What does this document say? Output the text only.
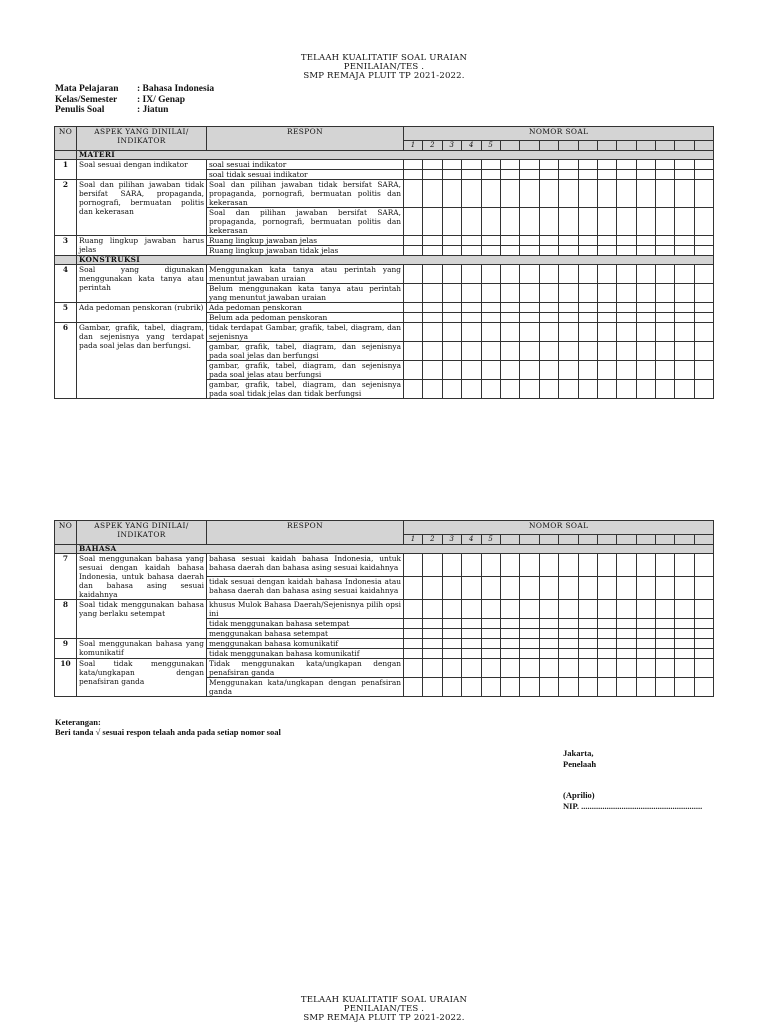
TELAAH KUALITATIF SOAL URAIAN
PENILAIAN/TES .
SMP REMAJA PLUIT TP 2021-2022.
Mata Pelajaran	: Bahasa Indonesia
Kelas/Semester	: IX/ Genap
Penulis Soal	: Jiatun
NO	ASPEK YANG DINILAI/ INDIKATOR	RESPON	NOMOR SOAL															
			1	2	3	4	5											
	MATERI																	
1	Soal sesuai dengan indikator	soal sesuai indikator																
		soal tidak sesuai indikator																
2	Soal dan pilihan jawaban tidak bersifat SARA, propaganda, pornografi, bermuatan politis dan kekerasan	Soal dan pilihan jawaban tidak bersifat SARA, propaganda, pornografi, bermuatan politis dan kekerasan																
		Soal dan pilihan jawaban bersifat SARA, propaganda, pornografi, bermuatan politis dan kekerasan																
3	Ruang lingkup jawaban harus jelas	Ruang lingkup jawaban jelas																
		Ruang lingkup jawaban tidak jelas																
	KONSTRUKSI																	
4	Soal yang digunakan menggunakan kata tanya atau perintah	Menggunakan kata tanya atau perintah yang menuntut jawaban uraian																
		Belum menggunakan kata tanya atau perintah yang menuntut jawaban uraian																
5	Ada pedoman penskoran (rubrik)	Ada pedoman penskoran																
		Belum ada pedoman penskoran																
6	Gambar, grafik, tabel, diagram, dan sejenisnya yang terdapat pada soal jelas dan berfungsi.	tidak terdapat Gambar, grafik, tabel, diagram, dan sejenisnya																
		gambar, grafik, tabel, diagram, dan sejenisnya pada soal jelas dan berfungsi																
		gambar, grafik, tabel, diagram, dan sejenisnya pada soal jelas atau berfungsi																
		gambar, grafik, tabel, diagram, dan sejenisnya pada soal tidak jelas dan tidak berfungsi																
NO	ASPEK YANG DINILAI/ INDIKATOR	RESPON	NOMOR SOAL															
			1	2	3	4	5											
	BAHASA																	
7	Soal menggunakan bahasa yang sesuai dengan kaidah bahasa Indonesia, untuk bahasa daerah dan bahasa asing sesuai kaidahnya	bahasa sesuai kaidah bahasa Indonesia, untuk bahasa daerah dan bahasa asing sesuai kaidahnya																
		tidak sesuai dengan kaidah bahasa Indonesia atau bahasa daerah dan bahasa asing sesuai kaidahnya																
8	Soal tidak menggunakan bahasa yang berlaku setempat	khusus Mulok Bahasa Daerah/Sejenisnya pilih opsi ini																
		tidak menggunakan bahasa setempat																
		menggunakan bahasa setempat																
9	Soal menggunakan bahasa yang komunikatif	menggunakan bahasa komunikatif																
		tidak menggunakan bahasa komunikatif																
10	Soal tidak menggunakan kata/ungkapan dengan penafsiran ganda	Tidak menggunakan kata/ungkapan dengan penafsiran ganda																
		Menggunakan kata/ungkapan dengan penafsiran ganda																
Keterangan:
Beri tanda √ sesuai respon telaah anda pada setiap nomor soal
Jakarta,
Penelaah
(Aprilio)
NIP. .........................................................
TELAAH KUALITATIF SOAL URAIAN
PENILAIAN/TES .
SMP REMAJA PLUIT TP 2021-2022.
